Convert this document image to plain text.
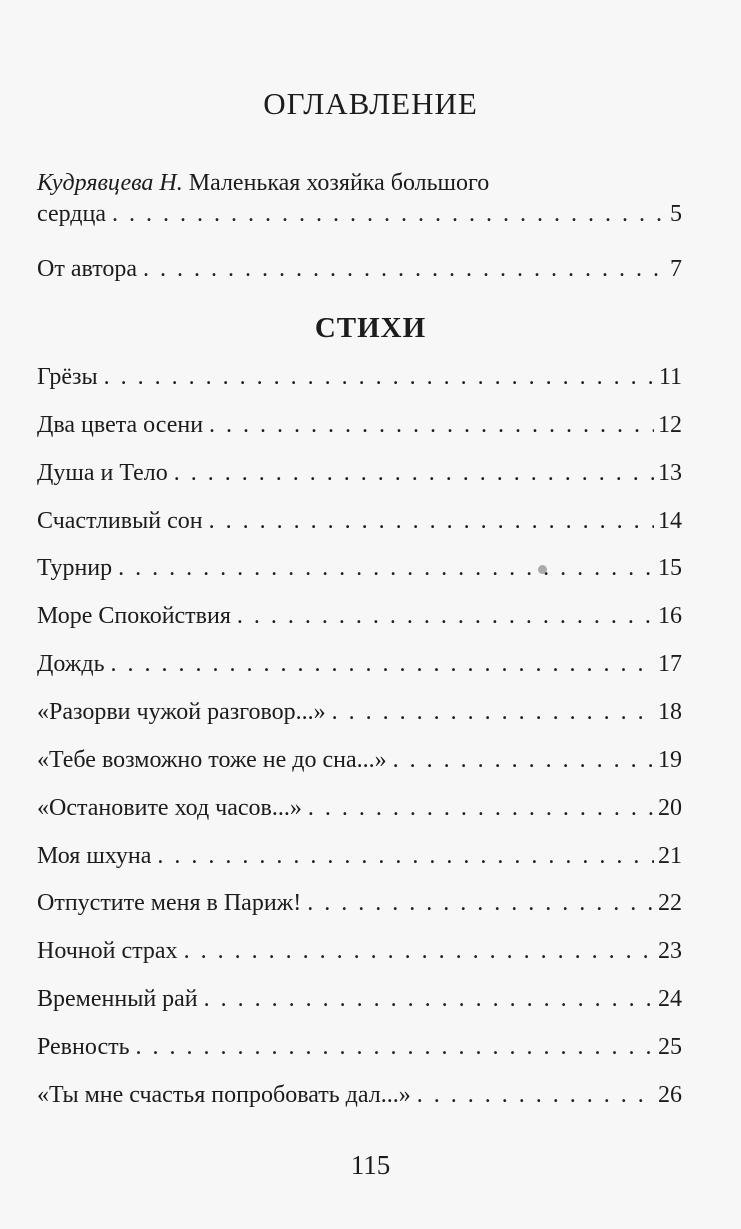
ОГЛАВЛЕНИЕ
Кудрявцева Н. Маленькая хозяйка большого
сердца . . .	5
От автора . . .	7
СТИХИ
Грёзы . . .	11
Два цвета осени . . .	12
Душа и Тело . . .	13
Счастливый сон . . .	14
Турнир . . .	15
Море Спокойствия . . .	16
Дождь . . .	17
«Разорви чужой разговор...» . . .	18
«Тебе возможно тоже не до сна...» . . .	19
«Остановите ход часов...» . . .	20
Моя шхуна . . .	21
Отпустите меня в Париж! . . .	22
Ночной страх . . .	23
Временный рай . . .	24
Ревность . . .	25
«Ты мне счастья попробовать дал...» . . .	26
115
